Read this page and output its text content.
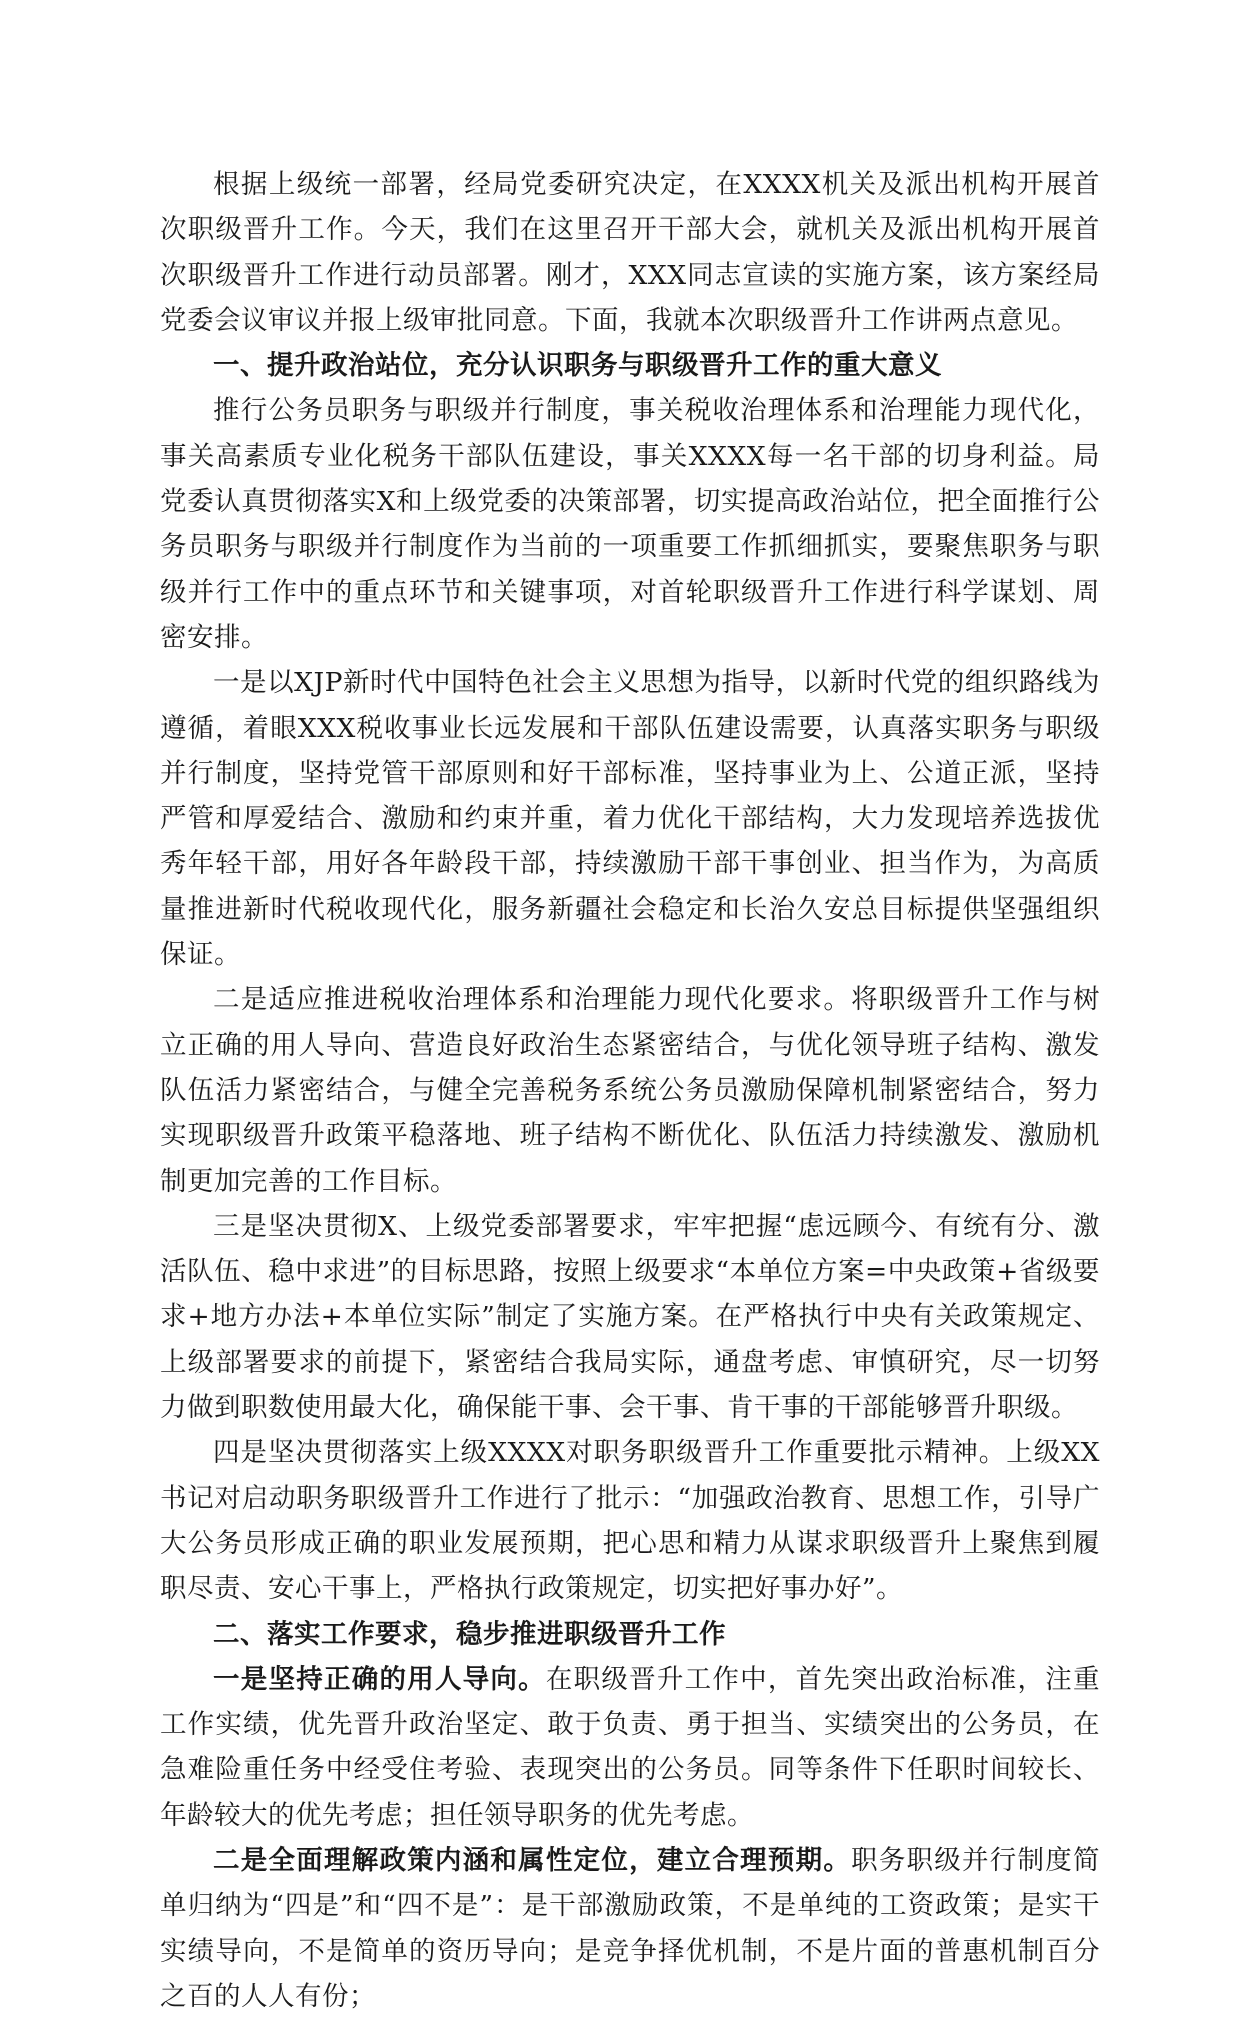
根据上级统一部署，经局党委研究决定，在XXXX机关及派出机构开展首次职级晋升工作。今天，我们在这里召开干部大会，就机关及派出机构开展首次职级晋升工作进行动员部署。刚才，XXX同志宣读的实施方案，该方案经局党委会议审议并报上级审批同意。下面，我就本次职级晋升工作讲两点意见。

一、提升政治站位，充分认识职务与职级晋升工作的重大意义

推行公务员职务与职级并行制度，事关税收治理体系和治理能力现代化，事关高素质专业化税务干部队伍建设，事关XXXX每一名干部的切身利益。局党委认真贯彻落实X和上级党委的决策部署，切实提高政治站位，把全面推行公务员职务与职级并行制度作为当前的一项重要工作抓细抓实，要聚焦职务与职级并行工作中的重点环节和关键事项，对首轮职级晋升工作进行科学谋划、周密安排。

一是以XJP新时代中国特色社会主义思想为指导，以新时代党的组织路线为遵循，着眼XXX税收事业长远发展和干部队伍建设需要，认真落实职务与职级并行制度，坚持党管干部原则和好干部标准，坚持事业为上、公道正派，坚持严管和厚爱结合、激励和约束并重，着力优化干部结构，大力发现培养选拔优秀年轻干部，用好各年龄段干部，持续激励干部干事创业、担当作为，为高质量推进新时代税收现代化，服务新疆社会稳定和长治久安总目标提供坚强组织保证。

二是适应推进税收治理体系和治理能力现代化要求。将职级晋升工作与树立正确的用人导向、营造良好政治生态紧密结合，与优化领导班子结构、激发队伍活力紧密结合，与健全完善税务系统公务员激励保障机制紧密结合，努力实现职级晋升政策平稳落地、班子结构不断优化、队伍活力持续激发、激励机制更加完善的工作目标。

三是坚决贯彻X、上级党委部署要求，牢牢把握“虑远顾今、有统有分、激活队伍、稳中求进”的目标思路，按照上级要求“本单位方案=中央政策+省级要求+地方办法+本单位实际”制定了实施方案。在严格执行中央有关政策规定、上级部署要求的前提下，紧密结合我局实际，通盘考虑、审慎研究，尽一切努力做到职数使用最大化，确保能干事、会干事、肯干事的干部能够晋升职级。

四是坚决贯彻落实上级XXXX对职务职级晋升工作重要批示精神。上级XX书记对启动职务职级晋升工作进行了批示：“加强政治教育、思想工作，引导广大公务员形成正确的职业发展预期，把心思和精力从谋求职级晋升上聚焦到履职尽责、安心干事上，严格执行政策规定，切实把好事办好”。

二、落实工作要求，稳步推进职级晋升工作

一是坚持正确的用人导向。在职级晋升工作中，首先突出政治标准，注重工作实绩，优先晋升政治坚定、敢于负责、勇于担当、实绩突出的公务员，在急难险重任务中经受住考验、表现突出的公务员。同等条件下任职时间较长、年龄较大的优先考虑；担任领导职务的优先考虑。

二是全面理解政策内涵和属性定位，建立合理预期。职务职级并行制度简单归纳为“四是”和“四不是”：是干部激励政策，不是单纯的工资政策；是实干实绩导向，不是简单的资历导向；是竞争择优机制，不是片面的普惠机制百分之百的人人有份；
